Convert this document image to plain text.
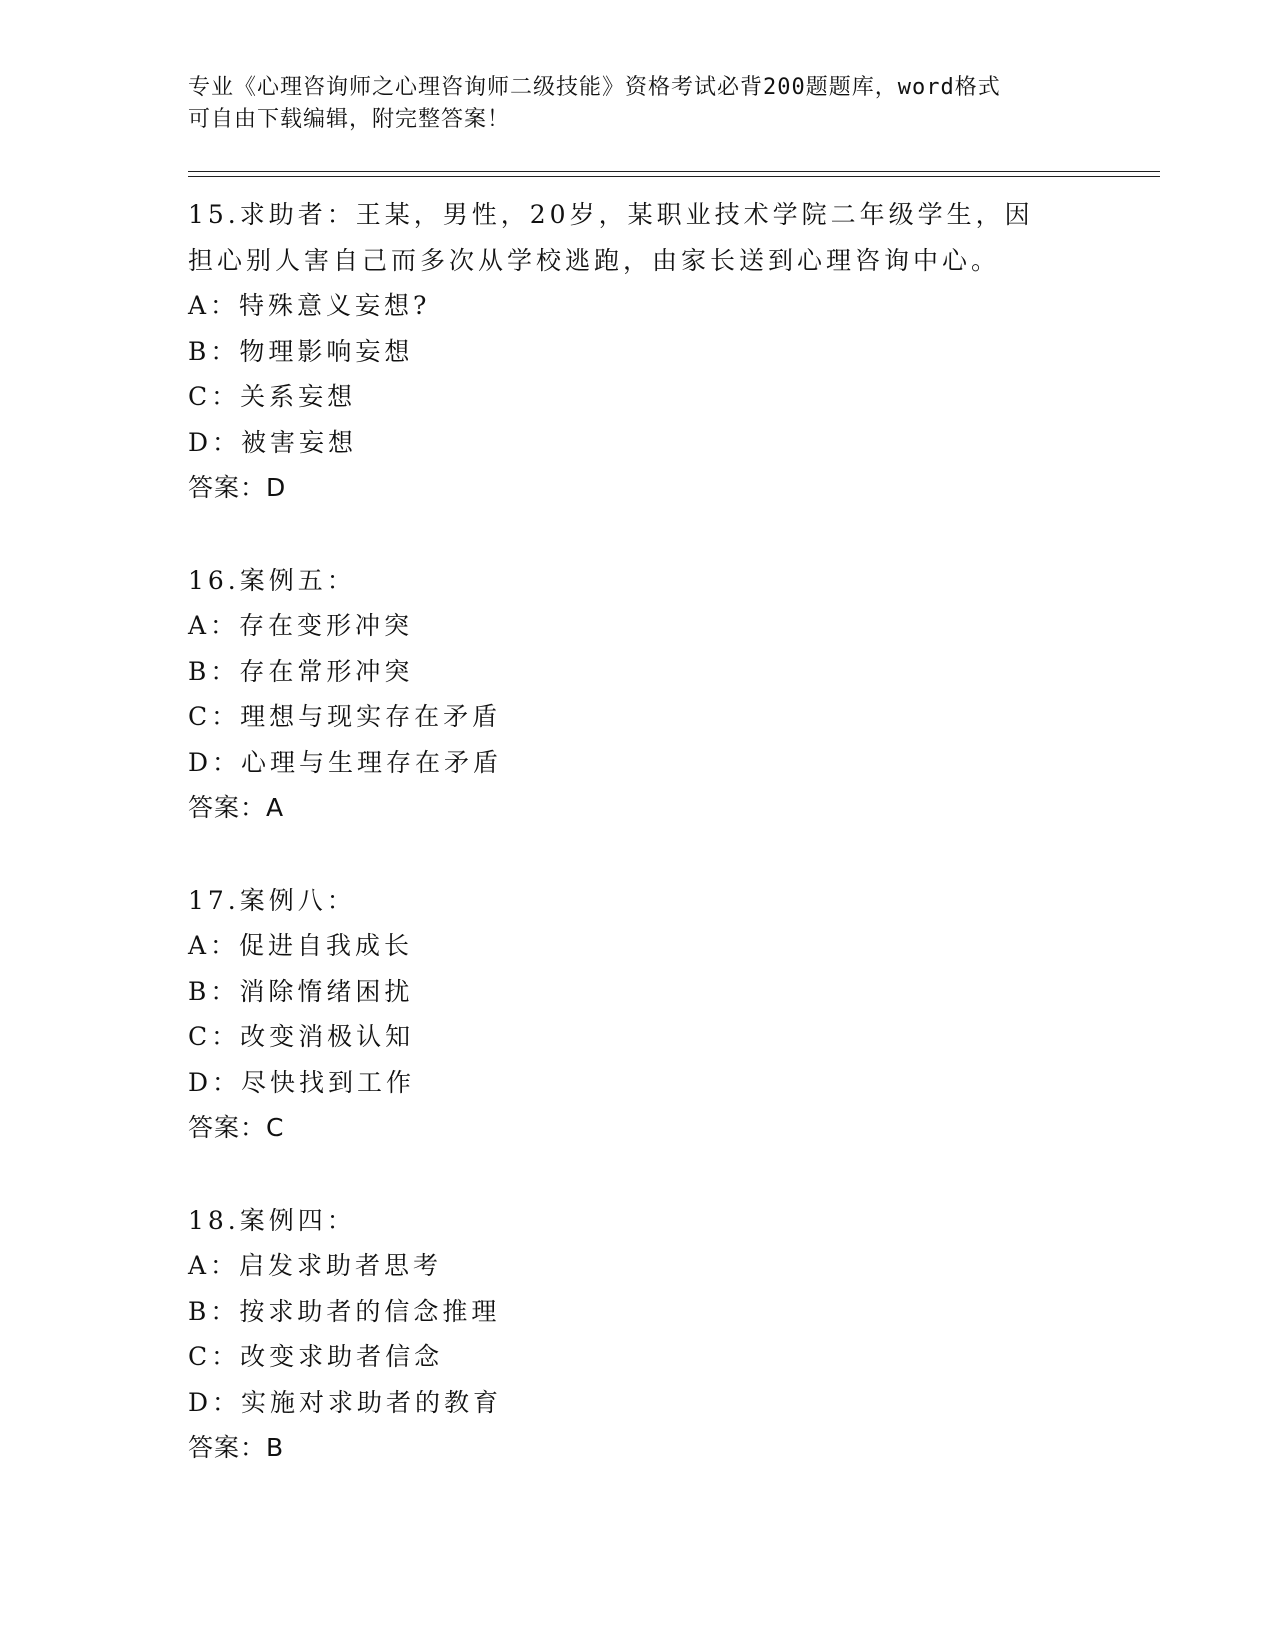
专业《心理咨询师之心理咨询师二级技能》资格考试必背200题题库，word格式
可自由下载编辑，附完整答案！
15.求助者：王某，男性，20岁，某职业技术学院二年级学生，因担心别人害自己而多次从学校逃跑，由家长送到心理咨询中心。
A：特殊意义妄想?
B：物理影响妄想
C：关系妄想
D：被害妄想
答案：D
16.案例五：
A：存在变形冲突
B：存在常形冲突
C：理想与现实存在矛盾
D：心理与生理存在矛盾
答案：A
17.案例八：
A：促进自我成长
B：消除惰绪困扰
C：改变消极认知
D：尽快找到工作
答案：C
18.案例四：
A：启发求助者思考
B：按求助者的信念推理
C：改变求助者信念
D：实施对求助者的教育
答案：B
